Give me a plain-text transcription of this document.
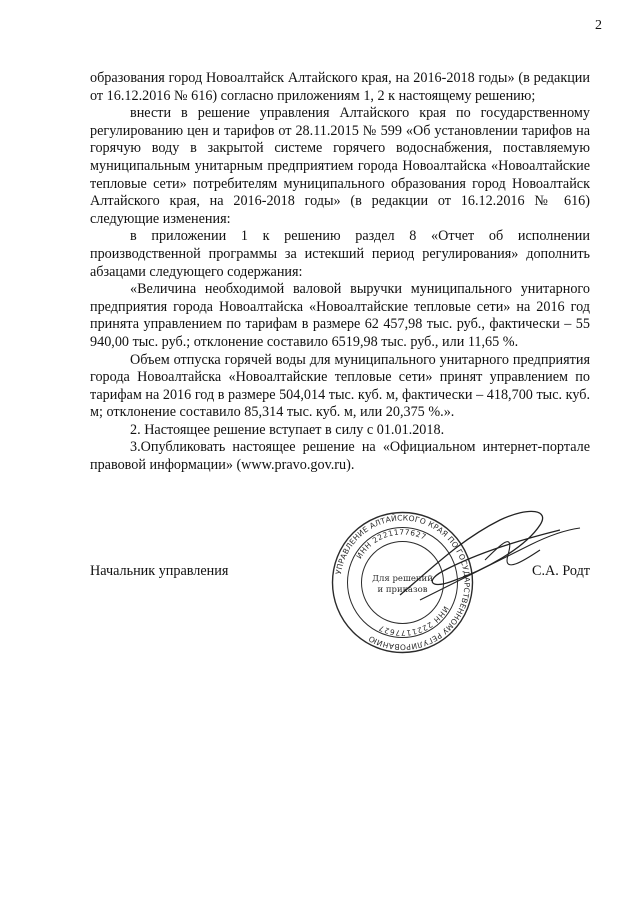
2

образования город Новоалтайск Алтайского края, на 2016-2018 годы» (в редакции от 16.12.2016 № 616) согласно приложениям 1, 2 к настоящему решению;

внести в решение управления Алтайского края по государственному регулированию цен и тарифов от 28.11.2015 № 599 «Об установлении тарифов на горячую воду в закрытой системе горячего водоснабжения, поставляемую муниципальным унитарным предприятием города Новоалтайска «Новоалтайские тепловые сети» потребителям муниципального образования город Новоалтайск Алтайского края, на 2016-2018 годы» (в редакции от 16.12.2016 № 616) следующие изменения:

в приложении 1 к решению раздел 8 «Отчет об исполнении производственной программы за истекший период регулирования» дополнить абзацами следующего содержания:

«Величина необходимой валовой выручки муниципального унитарного предприятия города Новоалтайска «Новоалтайские тепловые сети» на 2016 год принята управлением по тарифам в размере 62 457,98 тыс. руб., фактически – 55 940,00 тыс. руб.; отклонение составило 6519,98 тыс. руб., или 11,65 %.

Объем отпуска горячей воды для муниципального унитарного предприятия города Новоалтайска «Новоалтайские тепловые сети» принят управлением по тарифам на 2016 год в размере 504,014 тыс. куб. м, фактически – 418,700 тыс. куб. м; отклонение составило 85,314 тыс. куб. м, или 20,375 %.».

2. Настоящее решение вступает в силу с 01.01.2018.

3.Опубликовать настоящее решение на «Официальном интернет-портале правовой информации» (www.pravo.gov.ru).

Начальник управления	С.А. Родт
УПРАВЛЕНИЕ АЛТАЙСКОГО КРАЯ ПО ГОСУДАРСТВЕННОМУ РЕГУЛИРОВАНИЮ
ИНН 2221177627
ИНН 2221177627
Для решений
и приказов
